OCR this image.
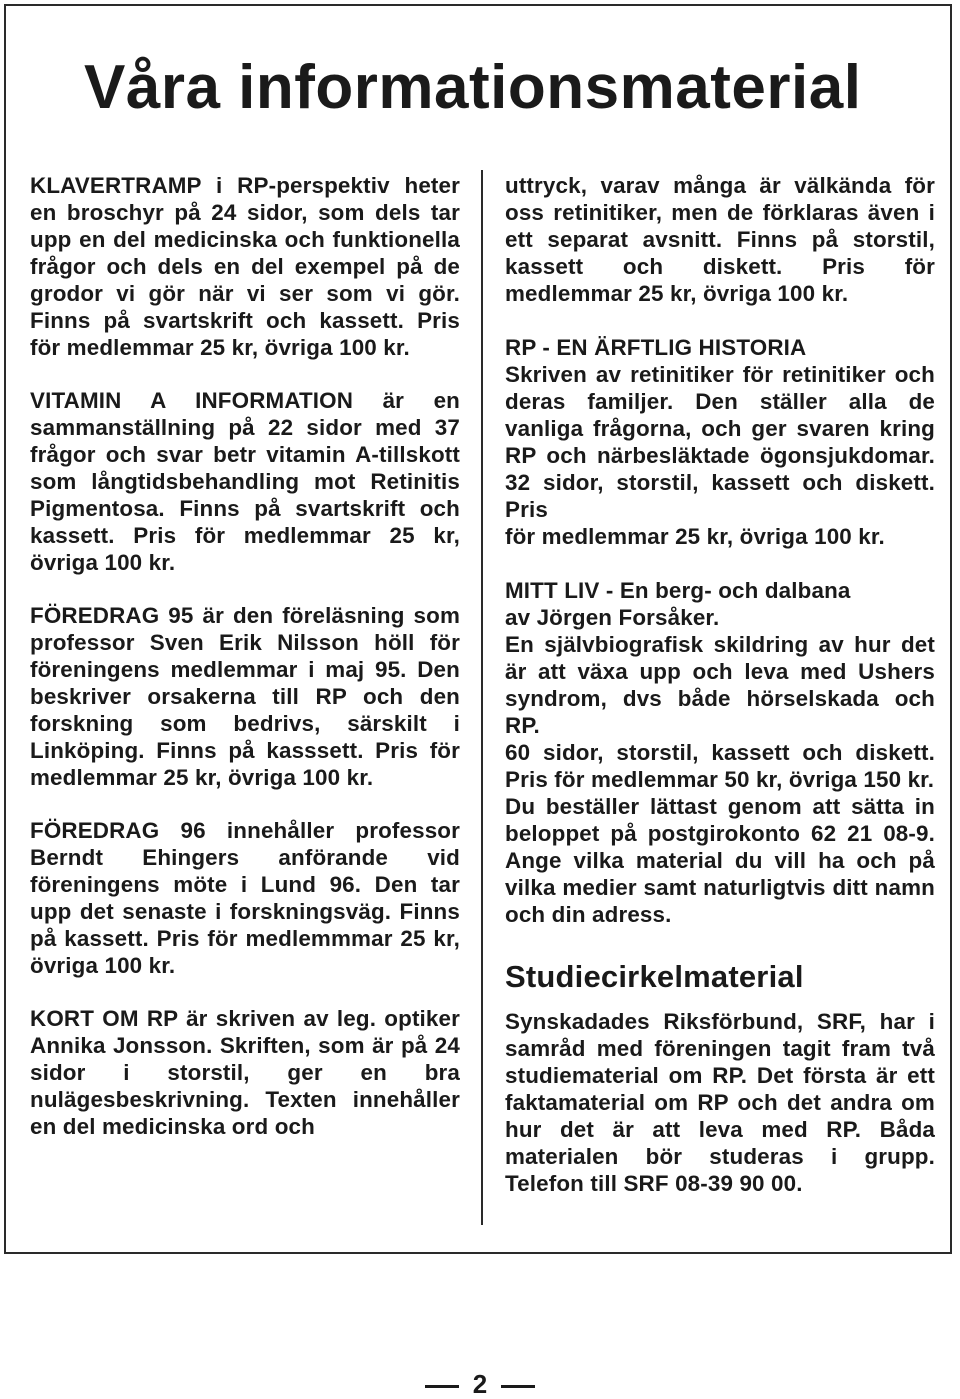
Våra informationsmaterial

KLAVERTRAMP i RP-perspektiv heter en broschyr på 24 sidor, som dels tar upp en del medicinska och funktionella frågor och dels en del exempel på de grodor vi gör när vi ser som vi gör. Finns på svartskrift och kassett. Pris för medlemmar 25 kr, övriga 100 kr.

VITAMIN A INFORMATION är en sammanställning på 22 sidor med 37 frågor och svar betr vitamin A-tillskott som långtidsbehandling mot Retinitis Pigmentosa. Finns på svartskrift och kassett. Pris för medlemmar 25 kr, övriga 100 kr.

FÖREDRAG 95 är den föreläsning som professor Sven Erik Nilsson höll för föreningens medlemmar i maj 95. Den beskriver orsakerna till RP och den forskning som bedrivs, särskilt i Linköping. Finns på kasssett. Pris för medlemmar 25 kr, övriga 100 kr.

FÖREDRAG 96 innehåller professor Berndt Ehingers anförande vid föreningens möte i Lund 96. Den tar upp det senaste i forskningsväg. Finns på kassett. Pris för medlemmmar 25 kr, övriga 100 kr.

KORT OM RP är skriven av leg. optiker Annika Jonsson. Skriften, som är på 24 sidor i storstil, ger en bra nulägesbeskrivning. Texten innehåller en del medicinska ord och

uttryck, varav många är välkända för oss retinitiker, men de förklaras även i ett separat avsnitt. Finns på storstil, kassett och diskett. Pris för medlemmar 25 kr, övriga 100 kr.

RP - EN ÄRFTLIG HISTORIA

Skriven av retinitiker för retinitiker och deras familjer. Den ställer alla de vanliga frågorna, och ger svaren kring RP och närbesläktade ögonsjukdomar. 32 sidor, storstil, kassett och diskett. Pris

för medlemmar 25 kr, övriga 100 kr.

MITT LIV - En berg- och dalbana

av Jörgen Forsåker.

En självbiografisk skildring av hur det är att växa upp och leva med Ushers syndrom, dvs både hörselskada och RP.

60 sidor, storstil, kassett och diskett. Pris för medlemmar 50 kr, övriga 150 kr.

Du beställer lättast genom att sätta in beloppet på postgirokonto 62 21 08-9. Ange vilka material du vill ha och på vilka medier samt naturligtvis ditt namn och din adress.

Studiecirkelmaterial

Synskadades Riksförbund, SRF, har i samråd med föreningen tagit fram två studiematerial om RP. Det första är ett faktamaterial om RP och det andra om hur det är att leva med RP. Båda materialen bör studeras i grupp. Telefon till SRF 08-39 90 00.

2
